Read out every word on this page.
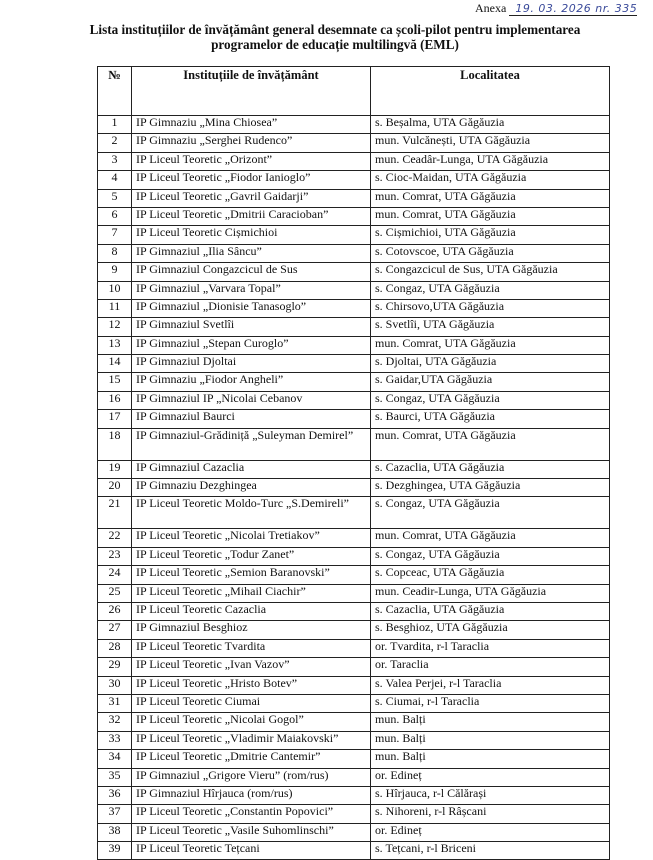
Anexa 19. 03. 2026 nr. 335
Lista instituțiilor de învățământ general desemnate ca școli-pilot pentru implementarea programelor de educație multilingvă (EML)
№	Instituțiile de învățământ	Localitatea
1	IP Gimnaziu „Mina Chiosea”	s. Beșalma, UTA Găgăuzia
2	IP Gimnaziu „Serghei Rudenco”	mun. Vulcănești, UTA Găgăuzia
3	IP Liceul Teoretic „Orizont”	mun. Ceadâr-Lunga, UTA Găgăuzia
4	IP Liceul Teoretic „Fiodor Ianioglo”	s. Cioc-Maidan, UTA Găgăuzia
5	IP Liceul Teoretic „Gavril Gaidarji”	mun. Comrat, UTA Găgăuzia
6	IP Liceul Teoretic „Dmitrii Caracioban”	mun. Comrat, UTA Găgăuzia
7	IP Liceul Teoretic Cișmichioi	s. Cișmichioi, UTA Găgăuzia
8	IP Gimnaziul „Ilia Sâncu”	s. Cotovscoe, UTA Găgăuzia
9	IP Gimnaziul Congazcicul de Sus	s. Congazcicul de Sus, UTA Găgăuzia
10	IP Gimnaziul „Varvara Topal”	s. Congaz, UTA Găgăuzia
11	IP Gimnaziul „Dionisie Tanasoglo”	s. Chirsovo,UTA Găgăuzia
12	IP Gimnaziul Svetlîi	s. Svetlîi, UTA Găgăuzia
13	IP Gimnaziul „Stepan Curoglo”	mun. Comrat, UTA Găgăuzia
14	IP Gimnaziul Djoltai	s. Djoltai, UTA Găgăuzia
15	IP Gimnaziu „Fiodor Angheli”	s. Gaidar,UTA Găgăuzia
16	IP Gimnaziul IP „Nicolai Cebanov	s. Congaz, UTA Găgăuzia
17	IP Gimnaziul Baurci	s. Baurci, UTA Găgăuzia
18	IP Gimnaziul-Grădiniță „Suleyman Demirel”	mun. Comrat, UTA Găgăuzia
19	IP Gimnaziul Cazaclia	s. Cazaclia, UTA Găgăuzia
20	IP Gimnaziu Dezghingea	s. Dezghingea, UTA Găgăuzia
21	IP Liceul Teoretic Moldo-Turc „S.Demireli”	s. Congaz, UTA Găgăuzia
22	IP Liceul Teoretic „Nicolai Tretiakov”	mun. Comrat, UTA Găgăuzia
23	IP Liceul Teoretic „Todur Zanet”	s. Congaz, UTA Găgăuzia
24	IP Liceul Teoretic „Semion Baranovski”	s. Copceac, UTA Găgăuzia
25	IP Liceul Teoretic „Mihail Ciachir”	mun. Ceadir-Lunga, UTA Găgăuzia
26	IP Liceul Teoretic Cazaclia	s. Cazaclia, UTA Găgăuzia
27	IP Gimnaziul Besghioz	s. Besghioz, UTA Găgăuzia
28	IP Liceul Teoretic Tvardita	or. Tvardita, r-l Taraclia
29	IP Liceul Teoretic „Ivan Vazov”	or. Taraclia
30	IP Liceul Teoretic „Hristo Botev”	s. Valea Perjei, r-l Taraclia
31	IP Liceul Teoretic Ciumai	s. Ciumai, r-l Taraclia
32	IP Liceul Teoretic „Nicolai Gogol”	mun. Balți
33	IP Liceul Teoretic „Vladimir Maiakovski”	mun. Balți
34	IP Liceul Teoretic „Dmitrie Cantemir”	mun. Balți
35	IP Gimnaziul „Grigore Vieru” (rom/rus)	or. Edineț
36	IP Gimnaziul Hîrjauca (rom/rus)	s. Hîrjauca, r-l Călărași
37	IP Liceul Teoretic „Constantin Popovici”	s. Nihoreni, r-l Râșcani
38	IP Liceul Teoretic „Vasile Suhomlinschi”	or. Edineț
39	IP Liceul Teoretic Tețcani	s. Tețcani, r-l Briceni
